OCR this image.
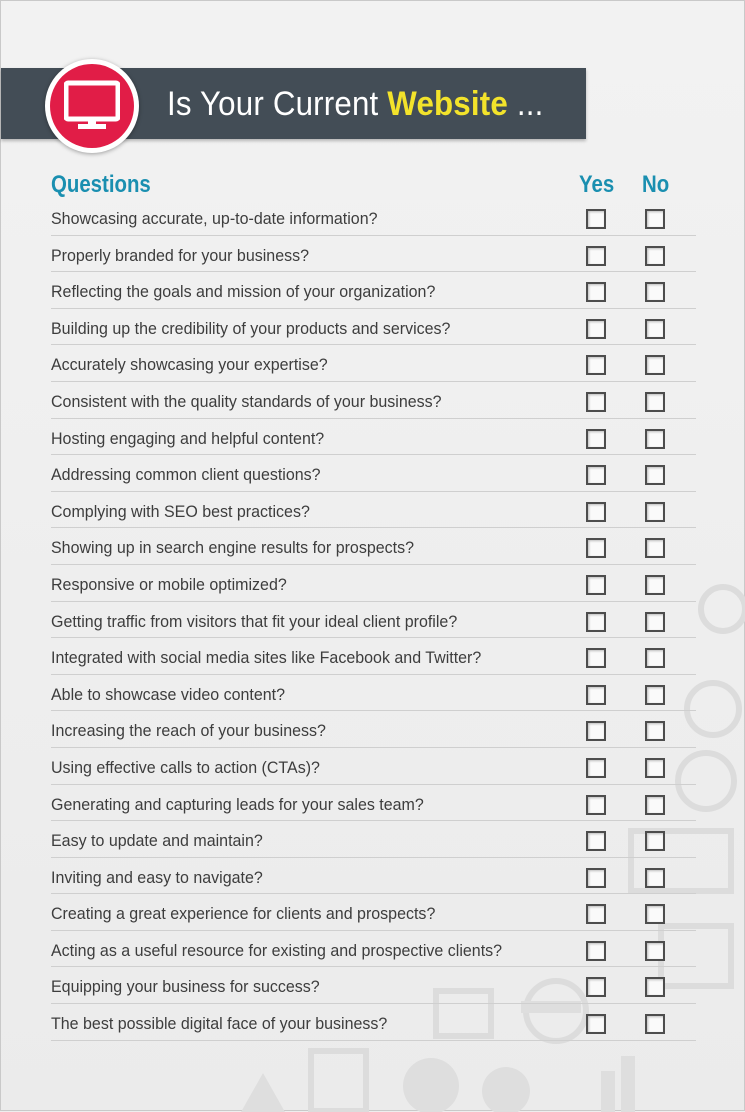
Is Your Current Website ...
Questions	Yes No
Showcasing accurate, up-to-date information?
Properly branded for your business?
Reflecting the goals and mission of your organization?
Building up the credibility of your products and services?
Accurately showcasing your expertise?
Consistent with the quality standards of your business?
Hosting engaging and helpful content?
Addressing common client questions?
Complying with SEO best practices?
Showing up in search engine results for prospects?
Responsive or mobile optimized?
Getting traffic from visitors that fit your ideal client profile?
Integrated with social media sites like Facebook and Twitter?
Able to showcase video content?
Increasing the reach of your business?
Using effective calls to action (CTAs)?
Generating and capturing leads for your sales team?
Easy to update and maintain?
Inviting and easy to navigate?
Creating a great experience for clients and prospects?
Acting as a useful resource for existing and prospective clients?
Equipping your business for success?
The best possible digital face of your business?
